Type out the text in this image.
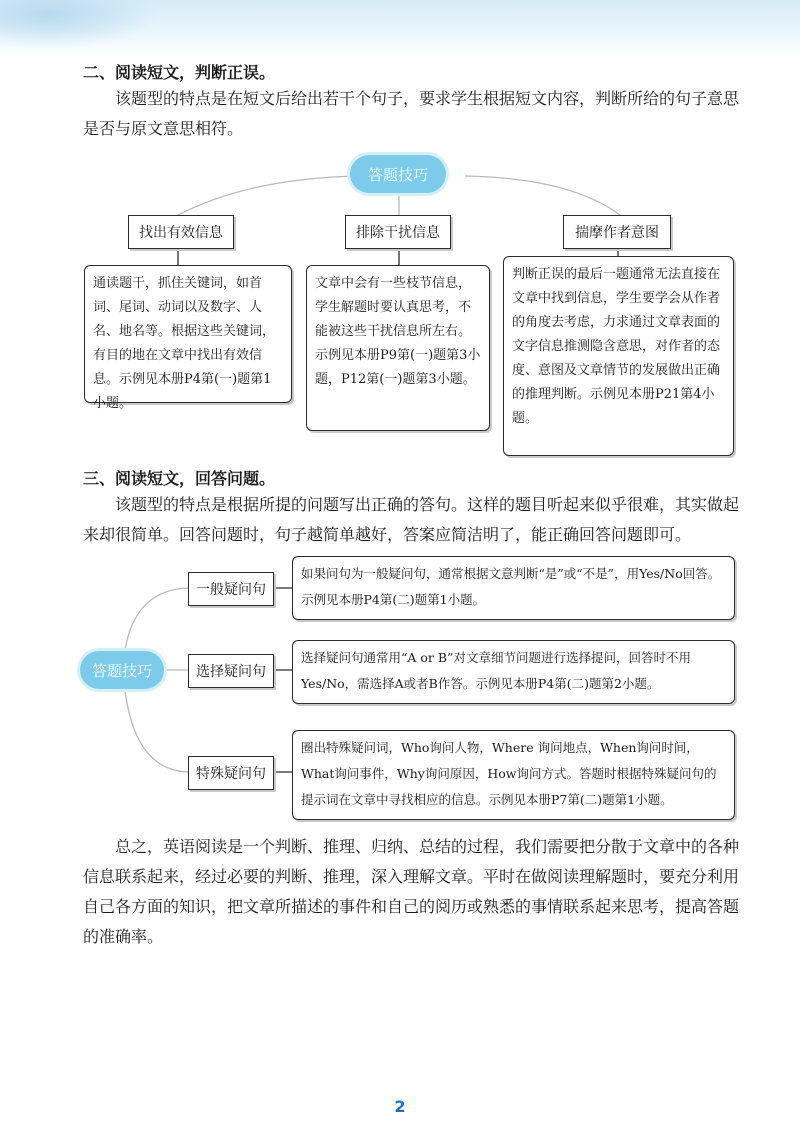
二、阅读短文，判断正误。
该题型的特点是在短文后给出若干个句子，要求学生根据短文内容，判断所给的句子意思是否与原文意思相符。
答题技巧
找出有效信息	排除干扰信息	揣摩作者意图
通读题干，抓住关键词，如首词、尾词、动词以及数字、人名、地名等。根据这些关键词，有目的地在文章中找出有效信息。示例见本册P4第(一)题第1小题。
文章中会有一些枝节信息，学生解题时要认真思考，不能被这些干扰信息所左右。示例见本册P9第(一)题第3小题，P12第(一)题第3小题。
判断正误的最后一题通常无法直接在文章中找到信息，学生要学会从作者的角度去考虑，力求通过文章表面的文字信息推测隐含意思，对作者的态度、意图及文章情节的发展做出正确的推理判断。示例见本册P21第4小题。
三、阅读短文，回答问题。
该题型的特点是根据所提的问题写出正确的答句。这样的题目听起来似乎很难，其实做起来却很简单。回答问题时，句子越简单越好，答案应简洁明了，能正确回答问题即可。
答题技巧
一般疑问句
选择疑问句
特殊疑问句
如果问句为一般疑问句，通常根据文意判断“是”或“不是”，用Yes/No回答。示例见本册P4第(二)题第1小题。
选择疑问句通常用“A or B”对文章细节问题进行选择提问，回答时不用Yes/No，需选择A或者B作答。示例见本册P4第(二)题第2小题。
圈出特殊疑问词，Who询问人物，Where 询问地点，When询问时间，What询问事件，Why询问原因，How询问方式。答题时根据特殊疑问句的提示词在文章中寻找相应的信息。示例见本册P7第(二)题第1小题。
总之，英语阅读是一个判断、推理、归纳、总结的过程，我们需要把分散于文章中的各种信息联系起来，经过必要的判断、推理，深入理解文章。平时在做阅读理解题时，要充分利用自己各方面的知识，把文章所描述的事件和自己的阅历或熟悉的事情联系起来思考，提高答题的准确率。
2
